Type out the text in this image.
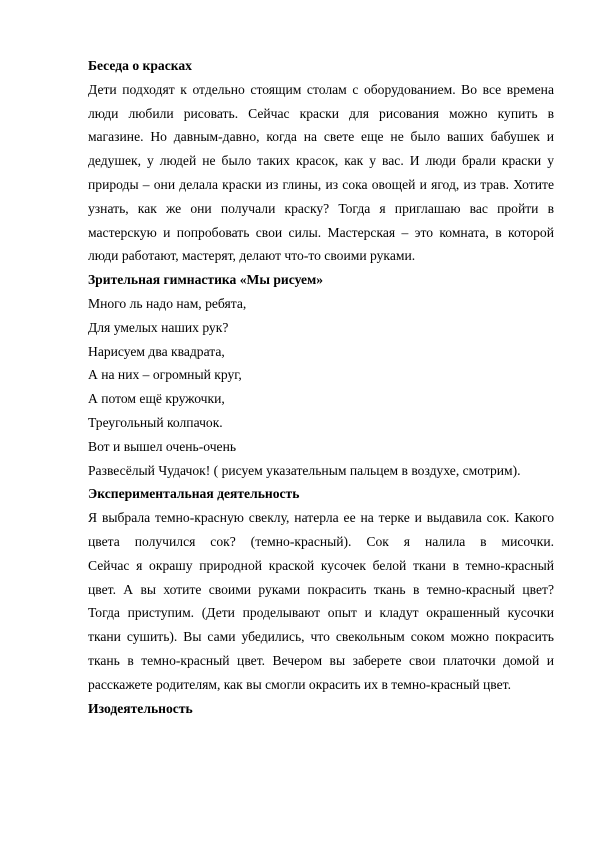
Беседа о красках
Дети подходят к отдельно стоящим столам с оборудованием. Во все времена
люди любили рисовать. Сейчас краски для рисования можно купить в
магазине. Но давным-давно, когда на свете еще не было ваших бабушек и
дедушек, у людей не было таких красок, как у вас. И люди брали краски у
природы – они делала краски из глины, из сока овощей и ягод, из трав. Хотите
узнать, как же они получали краску? Тогда я приглашаю вас пройти в
мастерскую и попробовать свои силы. Мастерская – это комната, в которой
люди работают, мастерят, делают что-то своими руками.
Зрительная гимнастика «Мы рисуем»
Много ль надо нам, ребята,
Для умелых наших рук?
Нарисуем два квадрата,
А на них – огромный круг,
А потом ещё кружочки,
Треугольный колпачок.
Вот и вышел очень-очень
Развесёлый Чудачок! ( рисуем указательным пальцем в воздухе, смотрим).
Экспериментальная деятельность
Я выбрала темно-красную свеклу, натерла ее на терке и выдавила сок. Какого
цвета получился сок? (темно-красный). Сок я налила в мисочки.
Сейчас я окрашу природной краской кусочек белой ткани в темно-красный
цвет. А вы хотите своими руками покрасить ткань в темно-красный цвет?
Тогда приступим. (Дети проделывают опыт и кладут окрашенный кусочки
ткани сушить). Вы сами убедились, что свекольным соком можно покрасить
ткань в темно-красный цвет. Вечером вы заберете свои платочки домой и
расскажете родителям, как вы смогли окрасить их в темно-красный цвет.
Изодеятельность
